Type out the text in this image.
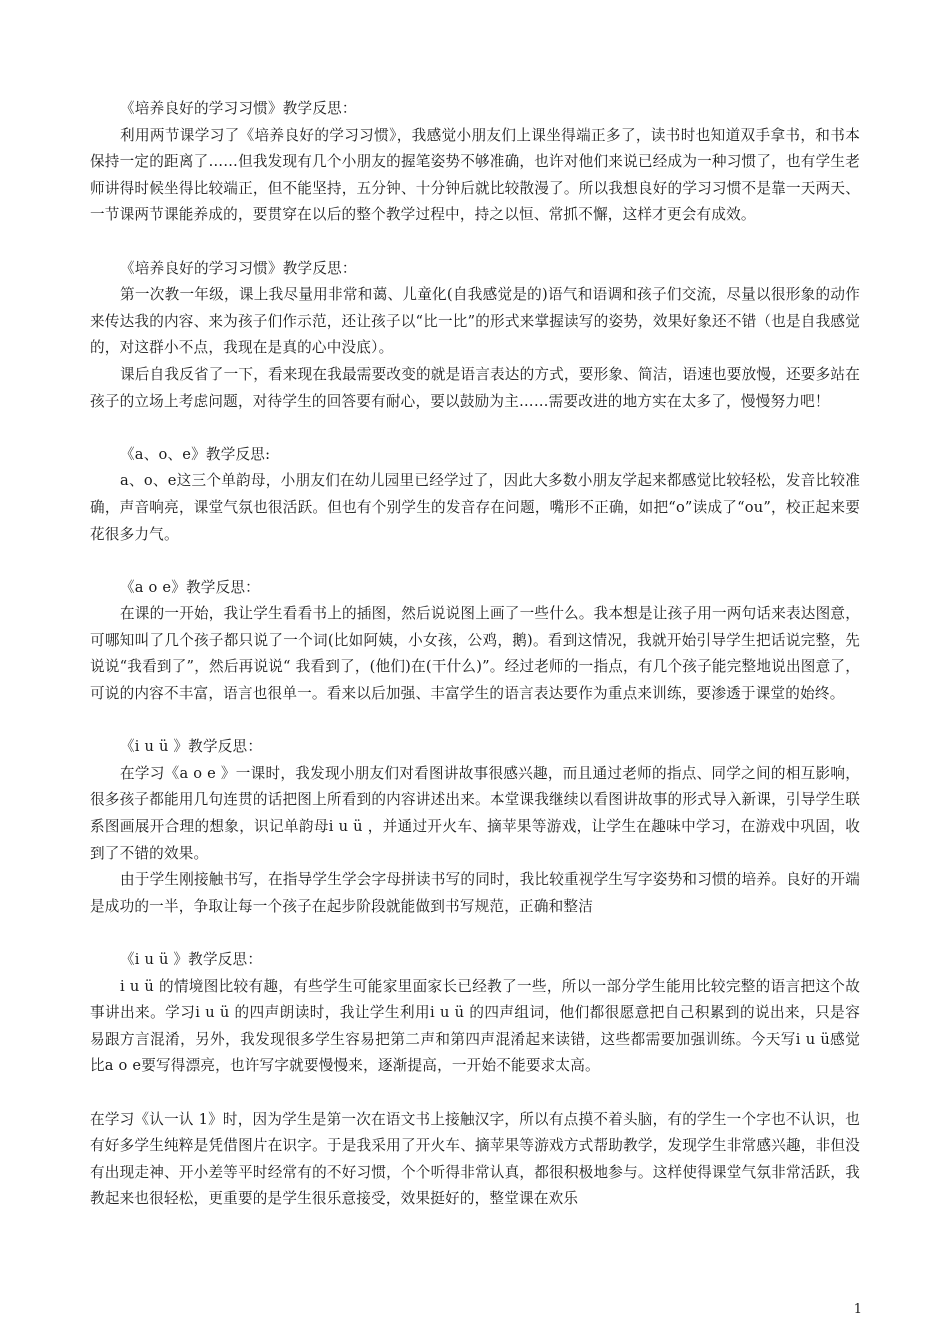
《培养良好的学习习惯》教学反思：

利用两节课学习了《培养良好的学习习惯》，我感觉小朋友们上课坐得端正多了，读书时也知道双手拿书，和书本保持一定的距离了……但我发现有几个小朋友的握笔姿势不够准确，也许对他们来说已经成为一种习惯了，也有学生老师讲得时候坐得比较端正，但不能坚持，五分钟、十分钟后就比较散漫了。所以我想良好的学习习惯不是靠一天两天、一节课两节课能养成的，要贯穿在以后的整个教学过程中，持之以恒、常抓不懈，这样才更会有成效。

《培养良好的学习习惯》教学反思：

第一次教一年级，课上我尽量用非常和蔼、儿童化(自我感觉是的)语气和语调和孩子们交流，尽量以很形象的动作来传达我的内容、来为孩子们作示范，还让孩子以“比一比”的形式来掌握读写的姿势，效果好象还不错（也是自我感觉的，对这群小不点，我现在是真的心中没底）。

课后自我反省了一下，看来现在我最需要改变的就是语言表达的方式，要形象、简洁，语速也要放慢，还要多站在孩子的立场上考虑问题，对待学生的回答要有耐心，要以鼓励为主……需要改进的地方实在太多了，慢慢努力吧！

《a、o、e》教学反思:

a、o、e这三个单韵母，小朋友们在幼儿园里已经学过了，因此大多数小朋友学起来都感觉比较轻松，发音比较准确，声音响亮，课堂气氛也很活跃。但也有个别学生的发音存在问题，嘴形不正确，如把“o”读成了“ou”，校正起来要花很多力气。

《a o e》教学反思：

在课的一开始，我让学生看看书上的插图，然后说说图上画了一些什么。我本想是让孩子用一两句话来表达图意，可哪知叫了几个孩子都只说了一个词(比如阿姨，小女孩，公鸡，鹅)。看到这情况，我就开始引导学生把话说完整，先说说“我看到了”，然后再说说“ 我看到了，(他们)在(干什么)”。经过老师的一指点，有几个孩子能完整地说出图意了，可说的内容不丰富，语言也很单一。看来以后加强、丰富学生的语言表达要作为重点来训练，要渗透于课堂的始终。

《i u ü 》教学反思：

在学习《a o e 》一课时，我发现小朋友们对看图讲故事很感兴趣，而且通过老师的指点、同学之间的相互影响，很多孩子都能用几句连贯的话把图上所看到的内容讲述出来。本堂课我继续以看图讲故事的形式导入新课，引导学生联系图画展开合理的想象，识记单韵母i u ü ，并通过开火车、摘苹果等游戏，让学生在趣味中学习，在游戏中巩固，收到了不错的效果。

由于学生刚接触书写，在指导学生学会字母拼读书写的同时，我比较重视学生写字姿势和习惯的培养。良好的开端是成功的一半，争取让每一个孩子在起步阶段就能做到书写规范，正确和整洁

《i u ü 》教学反思：

i u ü 的情境图比较有趣，有些学生可能家里面家长已经教了一些，所以一部分学生能用比较完整的语言把这个故事讲出来。学习i u ü 的四声朗读时，我让学生利用i u ü 的四声组词，他们都很愿意把自己积累到的说出来，只是容易跟方言混淆，另外，我发现很多学生容易把第二声和第四声混淆起来读错，这些都需要加强训练。今天写i u ü感觉比a o e要写得漂亮，也许写字就要慢慢来，逐渐提高，一开始不能要求太高。

在学习《认一认 1》时，因为学生是第一次在语文书上接触汉字，所以有点摸不着头脑，有的学生一个字也不认识，也有好多学生纯粹是凭借图片在识字。于是我采用了开火车、摘苹果等游戏方式帮助教学，发现学生非常感兴趣，非但没有出现走神、开小差等平时经常有的不好习惯，个个听得非常认真，都很积极地参与。这样使得课堂气氛非常活跃，我教起来也很轻松，更重要的是学生很乐意接受，效果挺好的，整堂课在欢乐

1
